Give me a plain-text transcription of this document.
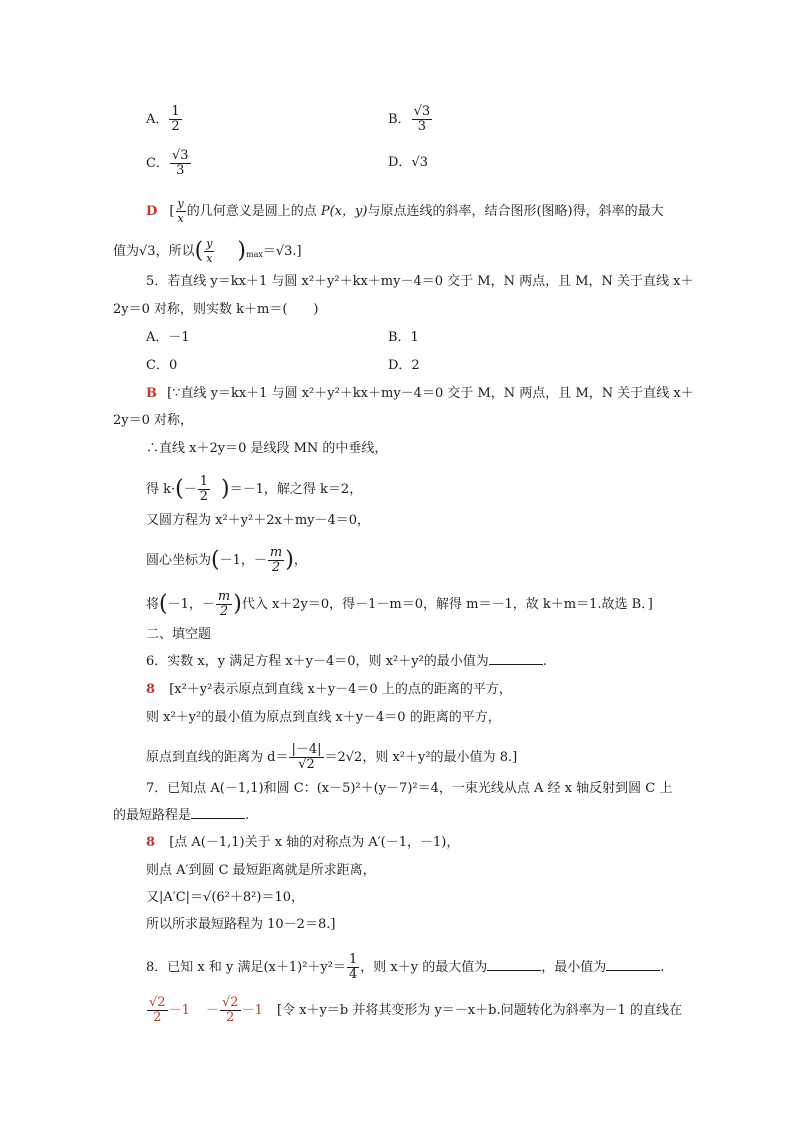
A． $\frac{1}{2}$	B． $\frac{√3}{3}$
C． $\frac{√3}{3}$	D．√3
D [ $\frac{y}{x}$ 的几何意义是圆上的点 P(x，y)与原点连线的斜率，结合图形(图略)得，斜率的最大
值为√3，所以( $\frac{y}{x} )_{max}=√3$.]
5．若直线 y＝kx＋1 与圆 x²＋y²＋kx＋my－4＝0 交于 M，N 两点，且 M，N 关于直线 x＋
2y＝0 对称，则实数 k＋m＝(　　)
A．－1	B．1
C．0	D．2
B [∵直线 y＝kx＋1 与圆 x²＋y²＋kx＋my－4＝0 交于 M，N 两点，且 M，N 关于直线 x＋
2y＝0 对称，
∴直线 x＋2y＝0 是线段 MN 的中垂线，
得 $k\cdot(- \frac{1}{2} )=-1$，解之得 k＝2，
又圆方程为 x²＋y²＋2x＋my－4＝0，
圆心坐标为(－1，－ $\frac{m}{2}$ )，
将(－1，－ $\frac{m}{2}$ )代入 x＋2y＝0，得－1－m＝0，解得 m＝－1，故 k＋m＝1.故选 B．]
二、填空题
6．实数 x，y 满足方程 x＋y－4＝0，则 x²＋y²的最小值为	.
8 [x²＋y²表示原点到直线 x＋y－4＝0 上的点的距离的平方，
则 x²＋y²的最小值为原点到直线 x＋y－4＝0 的距离的平方，
原点到直线的距离为 $d= \frac{|-4|}{√2} =2√2$，则 x²＋y²的最小值为 8.]
7．已知点 A(－1,1)和圆 C：(x－5)²＋(y－7)²＝4，一束光线从点 A 经 x 轴反射到圆 C 上
的最短路程是	.
8 [点 A(－1,1)关于 x 轴的对称点为 A′(－1，－1)，
则点 A′到圆 C 最短距离就是所求距离，
又|A′C|＝√(6²＋8²)＝10，
所以所求最短路程为 10－2＝8.]
8．已知 x 和 y 满足$(x+1)^2+y^2= \frac{1}{4}$ ，则 x＋y 的最大值为	，最小值为	.
$\frac{√2}{2} -1 - \frac{√2}{2} -1$ [令 x＋y＝b 并将其变形为 y＝－x＋b.问题转化为斜率为－1 的直线在
